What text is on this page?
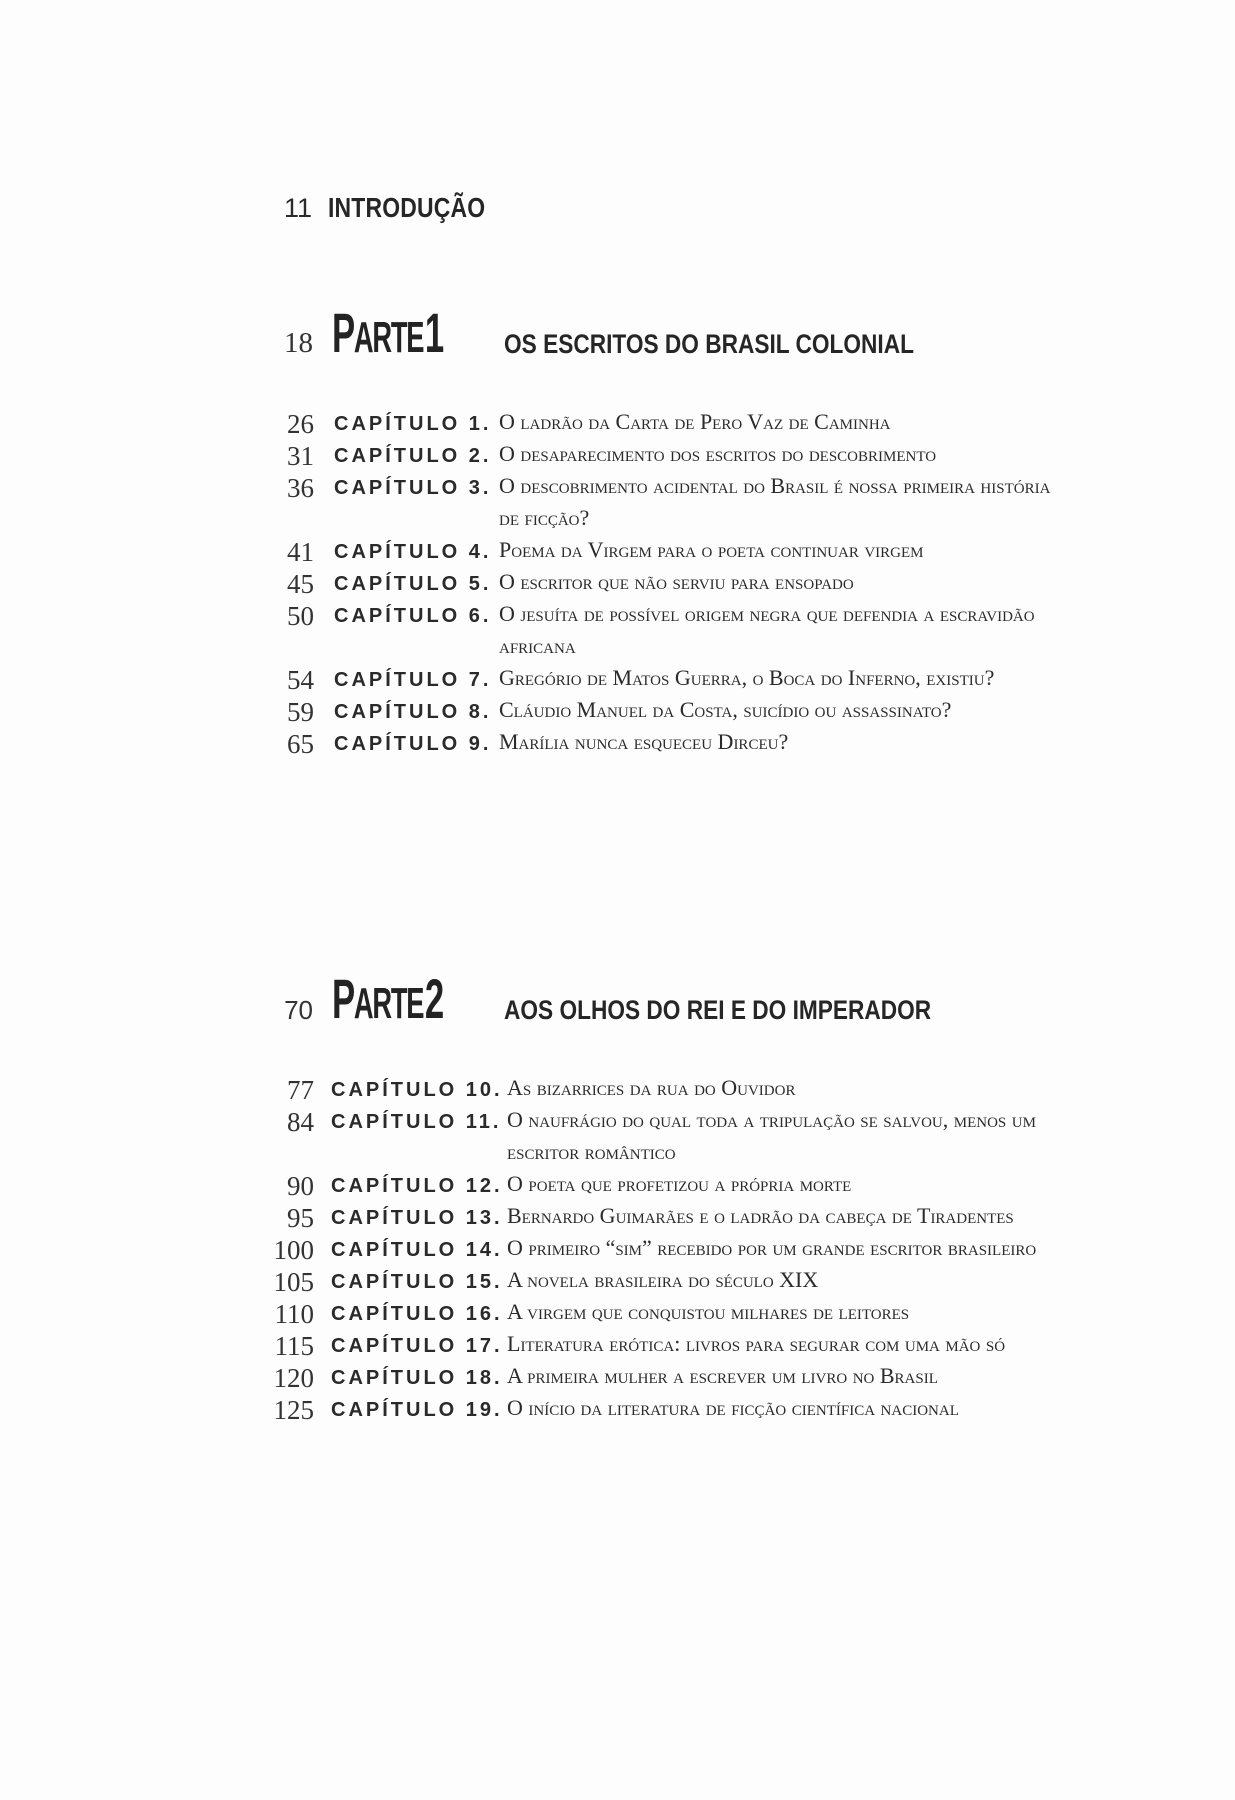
11 INTRODUÇÃO
18 PARTE 1 OS ESCRITOS DO BRASIL COLONIAL
26 CAPÍTULO 1. O ladrão da Carta de Pero Vaz de Caminha
31 CAPÍTULO 2. O desaparecimento dos escritos do descobrimento
36 CAPÍTULO 3. O descobrimento acidental do Brasil é nossa primeira história de ficção?
41 CAPÍTULO 4. Poema da Virgem para o poeta continuar virgem
45 CAPÍTULO 5. O escritor que não serviu para ensopado
50 CAPÍTULO 6. O jesuíta de possível origem negra que defendia a escravidão africana
54 CAPÍTULO 7. Gregório de Matos Guerra, o Boca do Inferno, existiu?
59 CAPÍTULO 8. Cláudio Manuel da Costa, suicídio ou assassinato?
65 CAPÍTULO 9. Marília nunca esqueceu Dirceu?
70 PARTE 2 AOS OLHOS DO REI E DO IMPERADOR
77 CAPÍTULO 10. As bizarrices da rua do Ouvidor
84 CAPÍTULO 11. O naufrágio do qual toda a tripulação se salvou, menos um escritor romântico
90 CAPÍTULO 12. O poeta que profetizou a própria morte
95 CAPÍTULO 13. Bernardo Guimarães e o ladrão da cabeça de Tiradentes
100 CAPÍTULO 14. O primeiro “sim” recebido por um grande escritor brasileiro
105 CAPÍTULO 15. A novela brasileira do século XIX
110 CAPÍTULO 16. A virgem que conquistou milhares de leitores
115 CAPÍTULO 17. Literatura erótica: livros para segurar com uma mão só
120 CAPÍTULO 18. A primeira mulher a escrever um livro no Brasil
125 CAPÍTULO 19. O início da literatura de ficção científica nacional
